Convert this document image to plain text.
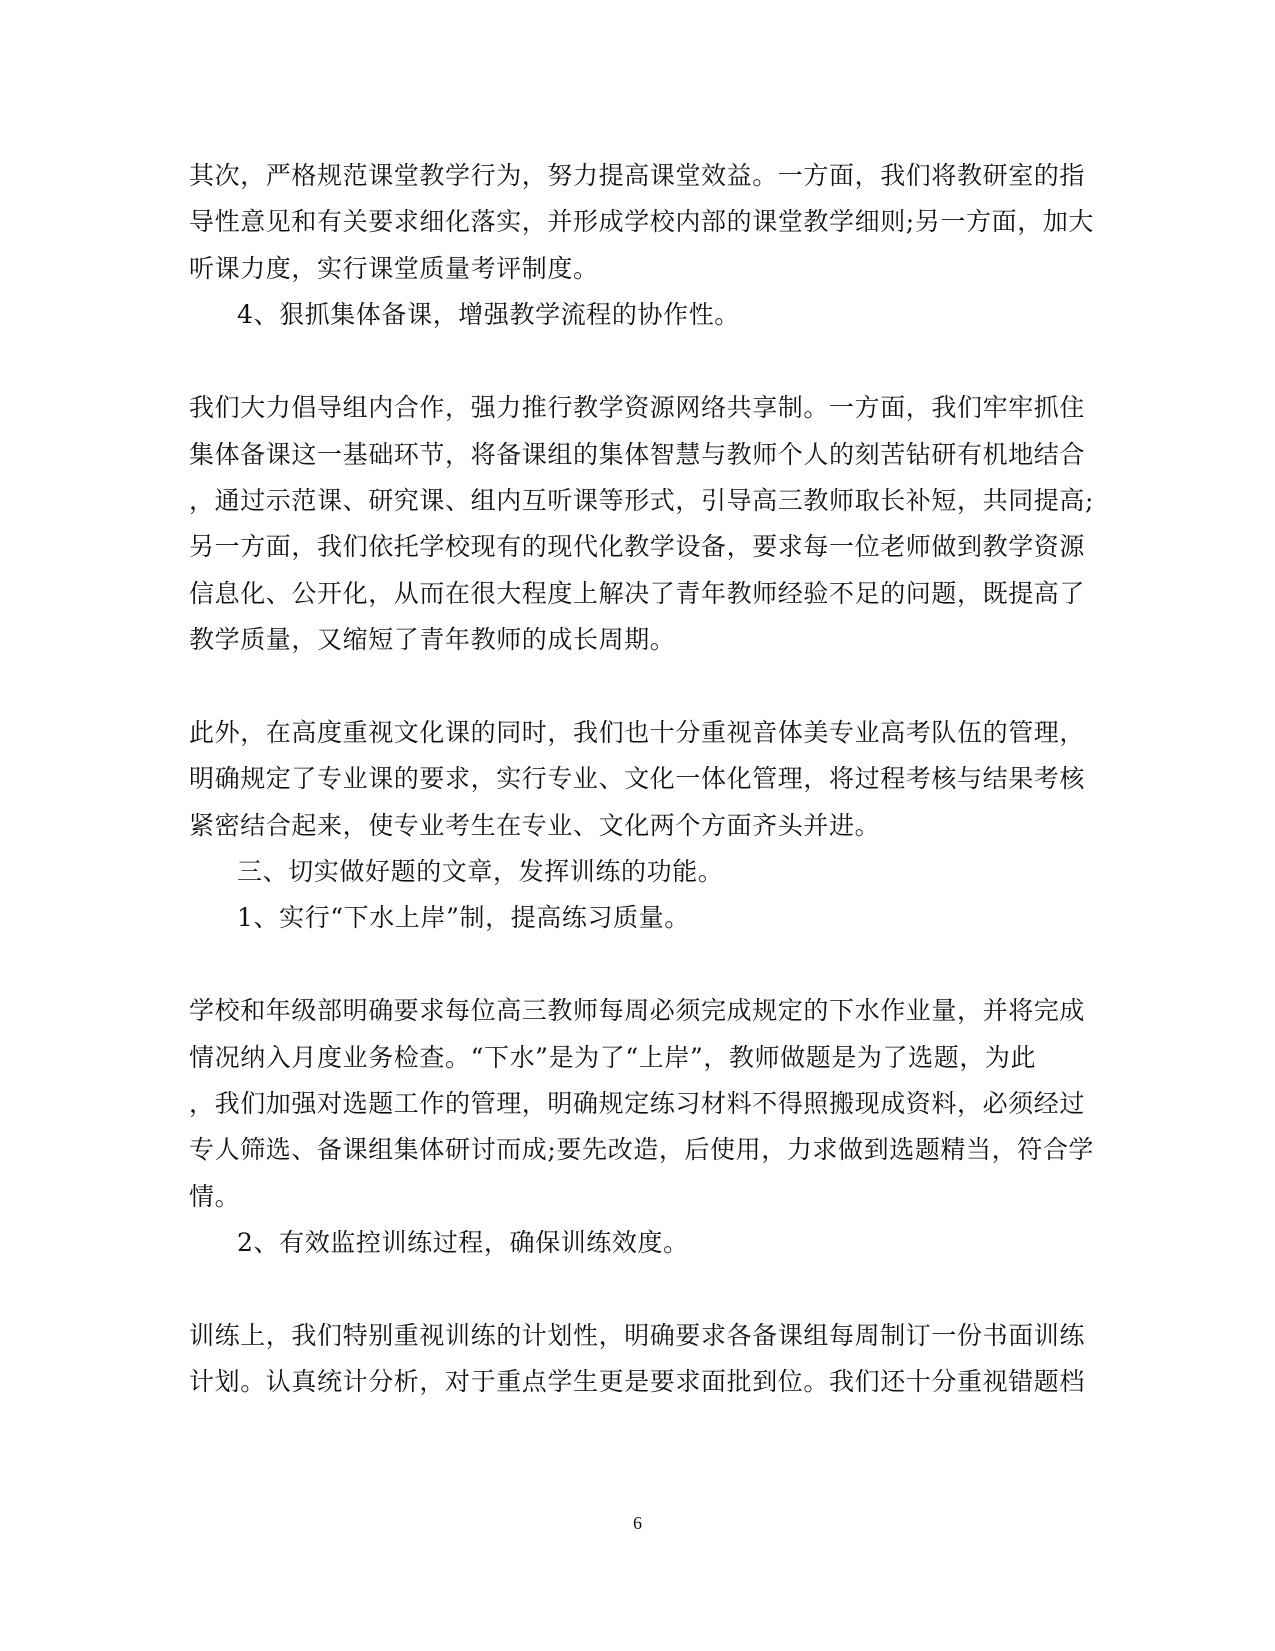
其次，严格规范课堂教学行为，努力提高课堂效益。一方面，我们将教研室的指
导性意见和有关要求细化落实，并形成学校内部的课堂教学细则;另一方面，加大
听课力度，实行课堂质量考评制度。
4、狠抓集体备课，增强教学流程的协作性。
我们大力倡导组内合作，强力推行教学资源网络共享制。一方面，我们牢牢抓住
集体备课这一基础环节，将备课组的集体智慧与教师个人的刻苦钻研有机地结合
，通过示范课、研究课、组内互听课等形式，引导高三教师取长补短，共同提高;
另一方面，我们依托学校现有的现代化教学设备，要求每一位老师做到教学资源
信息化、公开化，从而在很大程度上解决了青年教师经验不足的问题，既提高了
教学质量，又缩短了青年教师的成长周期。
此外，在高度重视文化课的同时，我们也十分重视音体美专业高考队伍的管理，
明确规定了专业课的要求，实行专业、文化一体化管理，将过程考核与结果考核
紧密结合起来，使专业考生在专业、文化两个方面齐头并进。
三、切实做好题的文章，发挥训练的功能。
1、实行“下水上岸”制，提高练习质量。
学校和年级部明确要求每位高三教师每周必须完成规定的下水作业量，并将完成
情况纳入月度业务检查。“下水”是为了“上岸”，教师做题是为了选题，为此
，我们加强对选题工作的管理，明确规定练习材料不得照搬现成资料，必须经过
专人筛选、备课组集体研讨而成;要先改造，后使用，力求做到选题精当，符合学
情。
2、有效监控训练过程，确保训练效度。
训练上，我们特别重视训练的计划性，明确要求各备课组每周制订一份书面训练
计划。认真统计分析，对于重点学生更是要求面批到位。我们还十分重视错题档
6
